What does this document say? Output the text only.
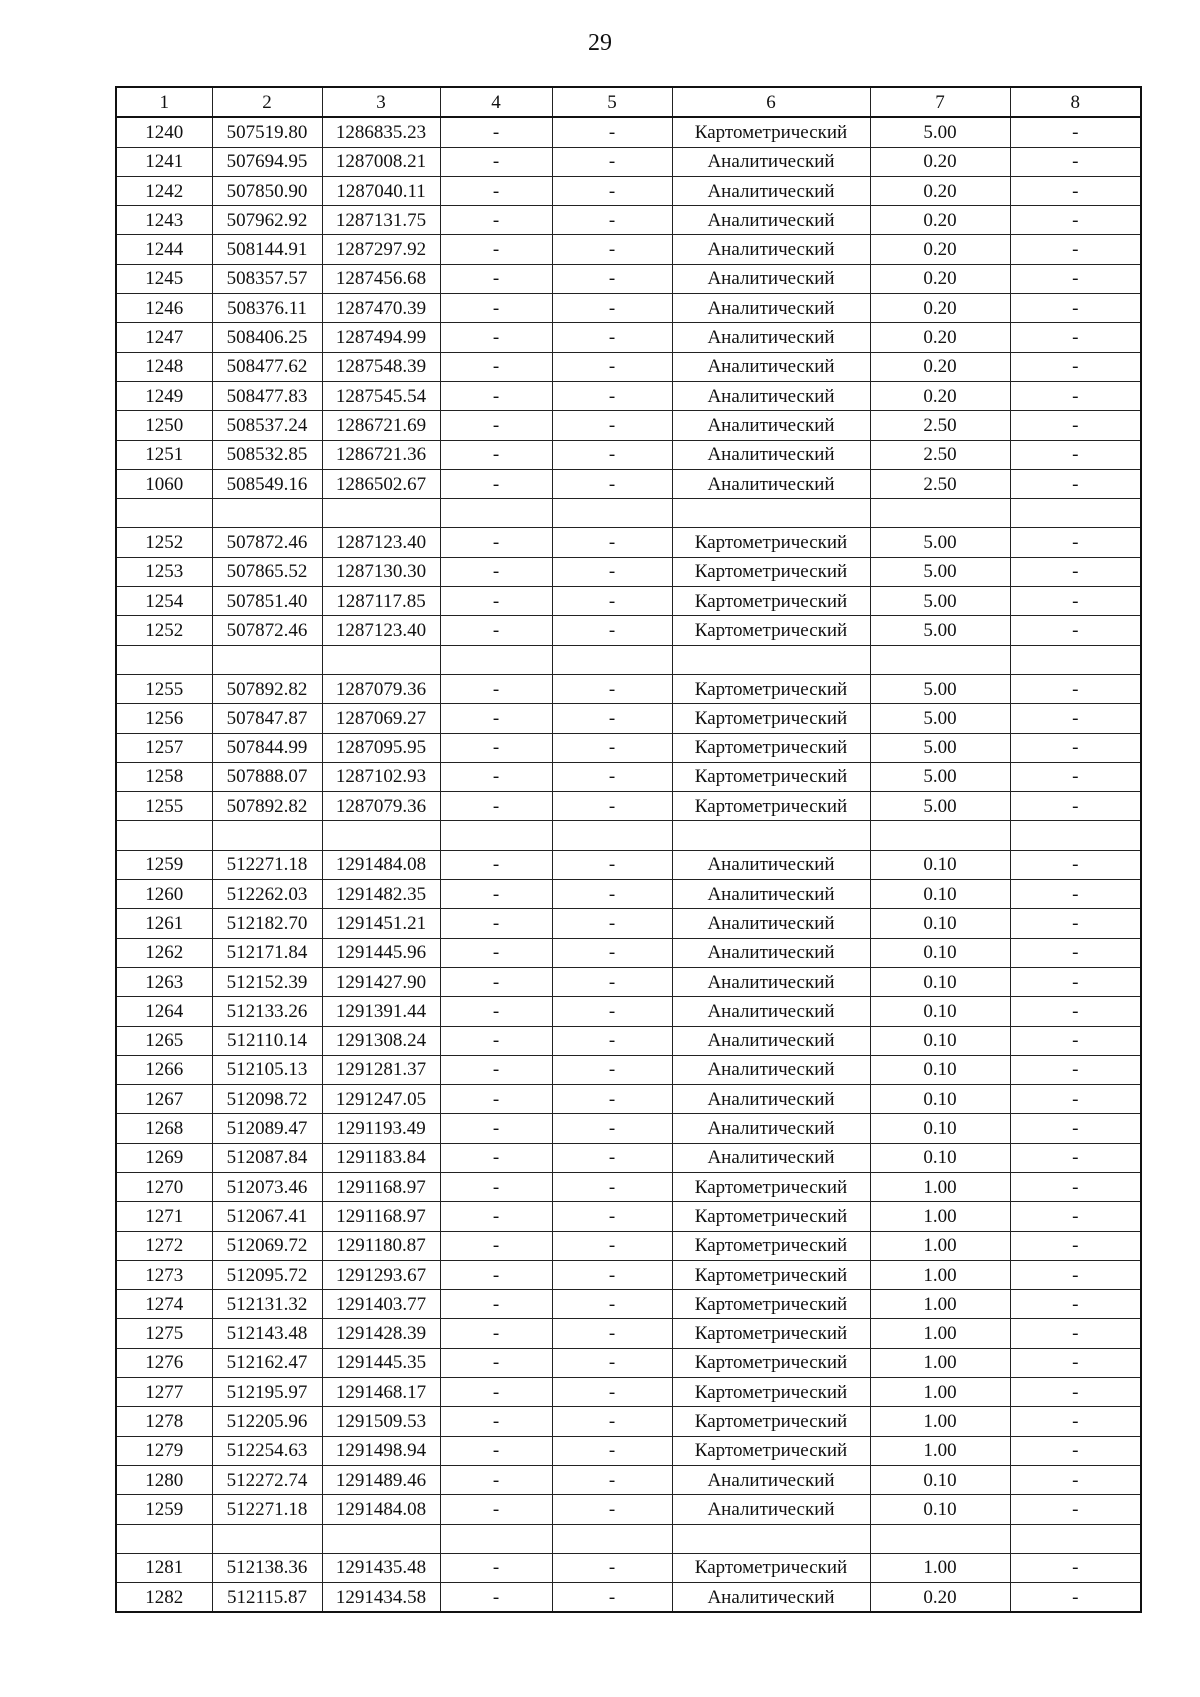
29
1	2	3	4	5	6	7	8
1240	507519.80	1286835.23	-	-	Картометрический	5.00	-
1241	507694.95	1287008.21	-	-	Аналитический	0.20	-
1242	507850.90	1287040.11	-	-	Аналитический	0.20	-
1243	507962.92	1287131.75	-	-	Аналитический	0.20	-
1244	508144.91	1287297.92	-	-	Аналитический	0.20	-
1245	508357.57	1287456.68	-	-	Аналитический	0.20	-
1246	508376.11	1287470.39	-	-	Аналитический	0.20	-
1247	508406.25	1287494.99	-	-	Аналитический	0.20	-
1248	508477.62	1287548.39	-	-	Аналитический	0.20	-
1249	508477.83	1287545.54	-	-	Аналитический	0.20	-
1250	508537.24	1286721.69	-	-	Аналитический	2.50	-
1251	508532.85	1286721.36	-	-	Аналитический	2.50	-
1060	508549.16	1286502.67	-	-	Аналитический	2.50	-

1252	507872.46	1287123.40	-	-	Картометрический	5.00	-
1253	507865.52	1287130.30	-	-	Картометрический	5.00	-
1254	507851.40	1287117.85	-	-	Картометрический	5.00	-
1252	507872.46	1287123.40	-	-	Картометрический	5.00	-

1255	507892.82	1287079.36	-	-	Картометрический	5.00	-
1256	507847.87	1287069.27	-	-	Картометрический	5.00	-
1257	507844.99	1287095.95	-	-	Картометрический	5.00	-
1258	507888.07	1287102.93	-	-	Картометрический	5.00	-
1255	507892.82	1287079.36	-	-	Картометрический	5.00	-

1259	512271.18	1291484.08	-	-	Аналитический	0.10	-
1260	512262.03	1291482.35	-	-	Аналитический	0.10	-
1261	512182.70	1291451.21	-	-	Аналитический	0.10	-
1262	512171.84	1291445.96	-	-	Аналитический	0.10	-
1263	512152.39	1291427.90	-	-	Аналитический	0.10	-
1264	512133.26	1291391.44	-	-	Аналитический	0.10	-
1265	512110.14	1291308.24	-	-	Аналитический	0.10	-
1266	512105.13	1291281.37	-	-	Аналитический	0.10	-
1267	512098.72	1291247.05	-	-	Аналитический	0.10	-
1268	512089.47	1291193.49	-	-	Аналитический	0.10	-
1269	512087.84	1291183.84	-	-	Аналитический	0.10	-
1270	512073.46	1291168.97	-	-	Картометрический	1.00	-
1271	512067.41	1291168.97	-	-	Картометрический	1.00	-
1272	512069.72	1291180.87	-	-	Картометрический	1.00	-
1273	512095.72	1291293.67	-	-	Картометрический	1.00	-
1274	512131.32	1291403.77	-	-	Картометрический	1.00	-
1275	512143.48	1291428.39	-	-	Картометрический	1.00	-
1276	512162.47	1291445.35	-	-	Картометрический	1.00	-
1277	512195.97	1291468.17	-	-	Картометрический	1.00	-
1278	512205.96	1291509.53	-	-	Картометрический	1.00	-
1279	512254.63	1291498.94	-	-	Картометрический	1.00	-
1280	512272.74	1291489.46	-	-	Аналитический	0.10	-
1259	512271.18	1291484.08	-	-	Аналитический	0.10	-

1281	512138.36	1291435.48	-	-	Картометрический	1.00	-
1282	512115.87	1291434.58	-	-	Аналитический	0.20	-
